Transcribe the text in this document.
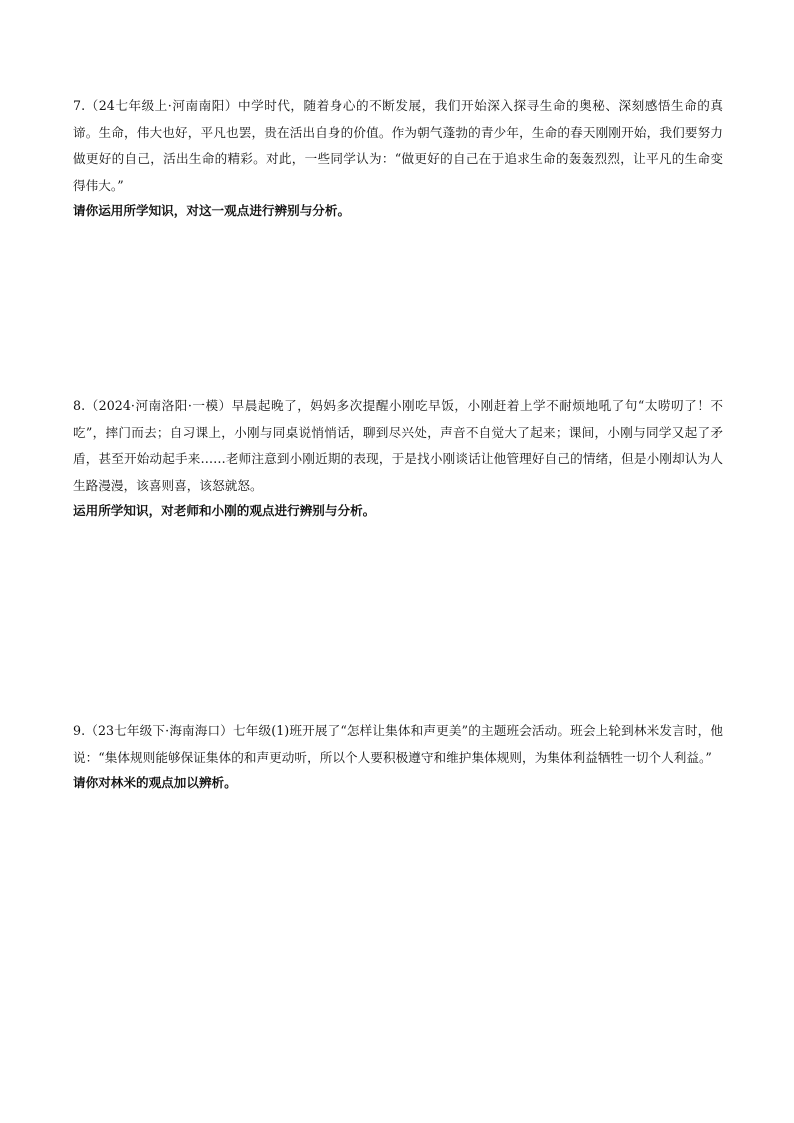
7.（24七年级上·河南南阳）中学时代，随着身心的不断发展，我们开始深入探寻生命的奥秘、深刻感悟生命的真谛。生命，伟大也好，平凡也罢，贵在活出自身的价值。作为朝气蓬勃的青少年，生命的春天刚刚开始，我们要努力做更好的自己，活出生命的精彩。对此，一些同学认为：“做更好的自己在于追求生命的轰轰烈烈，让平凡的生命变得伟大。”

请你运用所学知识，对这一观点进行辨别与分析。

8.（2024·河南洛阳·一模）早晨起晚了，妈妈多次提醒小刚吃早饭，小刚赶着上学不耐烦地吼了句“太唠叨了！不吃”，摔门而去；自习课上，小刚与同桌说悄悄话，聊到尽兴处，声音不自觉大了起来；课间，小刚与同学又起了矛盾，甚至开始动起手来……老师注意到小刚近期的表现，于是找小刚谈话让他管理好自己的情绪，但是小刚却认为人生路漫漫，该喜则喜，该怒就怒。

运用所学知识，对老师和小刚的观点进行辨别与分析。

9.（23七年级下·海南海口）七年级(1)班开展了“怎样让集体和声更美”的主题班会活动。班会上轮到林米发言时，他说：“集体规则能够保证集体的和声更动听，所以个人要积极遵守和维护集体规则，为集体利益牺牲一切个人利益。”

请你对林米的观点加以辨析。
